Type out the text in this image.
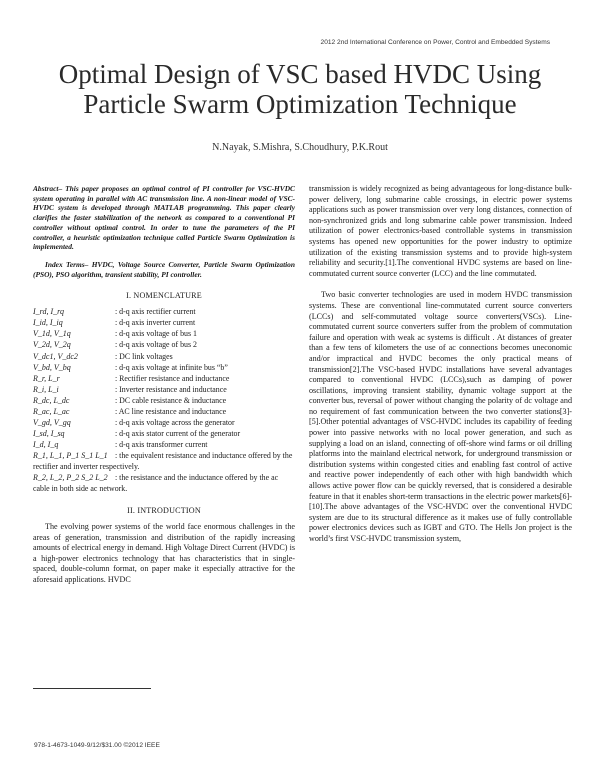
2012 2nd International Conference on Power, Control and Embedded Systems
Optimal Design of VSC based HVDC Using Particle Swarm Optimization Technique
N.Nayak, S.Mishra, S.Choudhury, P.K.Rout

Abstract– This paper proposes an optimal control of PI controller for VSC-HVDC system operating in parallel with AC transmission line. A non-linear model of VSC-HVDC system is developed through MATLAB programming. This paper clearly clarifies the faster stabilization of the network as compared to a conventional PI controller without optimal control. In order to tune the parameters of the PI controller, a heuristic optimization technique called Particle Swarm Optimization is implemented.

Index Terms– HVDC, Voltage Source Converter, Particle Swarm Optimization (PSO), PSO algorithm, transient stability, PI controller.

I. NOMENCLATURE
I_rd, I_rq	: d-q axis rectifier current
I_id, I_iq	: d-q axis inverter current
V_1d, V_1q	: d-q axis voltage of bus 1
V_2d, V_2q	: d-q axis voltage of bus 2
V_dc1, V_dc2	: DC link voltages
V_bd, V_bq	: d-q axis voltage at infinite bus “b”
R_r, L_r	: Rectifier resistance and inductance
R_i, L_i	: Inverter resistance and inductance
R_dc, L_dc	: DC cable resistance & inductance
R_ac, L_ac	: AC line resistance and inductance
V_gd, V_gq	: d-q axis voltage across the generator
I_sd, I_sq	: d-q axis stator current of the generator
I_d, I_q	: d-q axis transformer current

R_1, L_1, P_1 S_1 L_1 : the equivalent resistance and inductance offered by the rectifier and inverter respectively.

R_2, L_2, P_2 S_2 L_2 : the resistance and the inductance offered by the ac cable in both side ac network.

II. INTRODUCTION

The evolving power systems of the world face enormous challenges in the areas of generation, transmission and distribution of the rapidly increasing amounts of electrical energy in demand. High Voltage Direct Current (HVDC) is a high-power electronics technology that has characteristics that in single-spaced, double-column format, on paper make it especially attractive for the aforesaid applications. HVDC

transmission is widely recognized as being advantageous for long-distance bulk-power delivery, long submarine cable crossings, in electric power systems applications such as power transmission over very long distances, connection of non-synchronized grids and long submarine cable power transmission. Indeed utilization of power electronics-based controllable systems in transmission systems has opened new opportunities for the power industry to optimize utilization of the existing transmission systems and to provide high-system reliability and security.[1].The conventional HVDC systems are based on line-commutated current source converter (LCC) and the line commutated.

Two basic converter technologies are used in modern HVDC transmission systems. These are conventional line-commutated current source converters (LCCs) and self-commutated voltage source converters(VSCs). Line-commutated current source converters suffer from the problem of commutation failure and operation with weak ac systems is difficult . At distances of greater than a few tens of kilometers the use of ac connections becomes uneconomic and/or impractical and HVDC becomes the only practical means of transmission[2].The VSC-based HVDC installations have several advantages compared to conventional HVDC (LCCs),such as damping of power oscillations, improving transient stability, dynamic voltage support at the converter bus, reversal of power without changing the polarity of dc voltage and no requirement of fast communication between the two converter stations[3]-[5].Other potential advantages of VSC-HVDC includes its capability of feeding power into passive networks with no local power generation, and such as supplying a load on an island, connecting of off-shore wind farms or oil drilling platforms into the mainland electrical network, for underground transmission or distribution systems within congested cities and enabling fast control of active and reactive power independently of each other with high bandwidth which allows active power flow can be quickly reversed, that is considered a desirable feature in that it enables short-term transactions in the electric power markets[6]-[10].The above advantages of the VSC-HVDC over the conventional HVDC system are due to its structural difference as it makes use of fully controllable power electronics devices such as IGBT and GTO. The Hells Jon project is the world’s first VSC-HVDC transmission system,

978-1-4673-1049-9/12/$31.00 ©2012 IEEE
